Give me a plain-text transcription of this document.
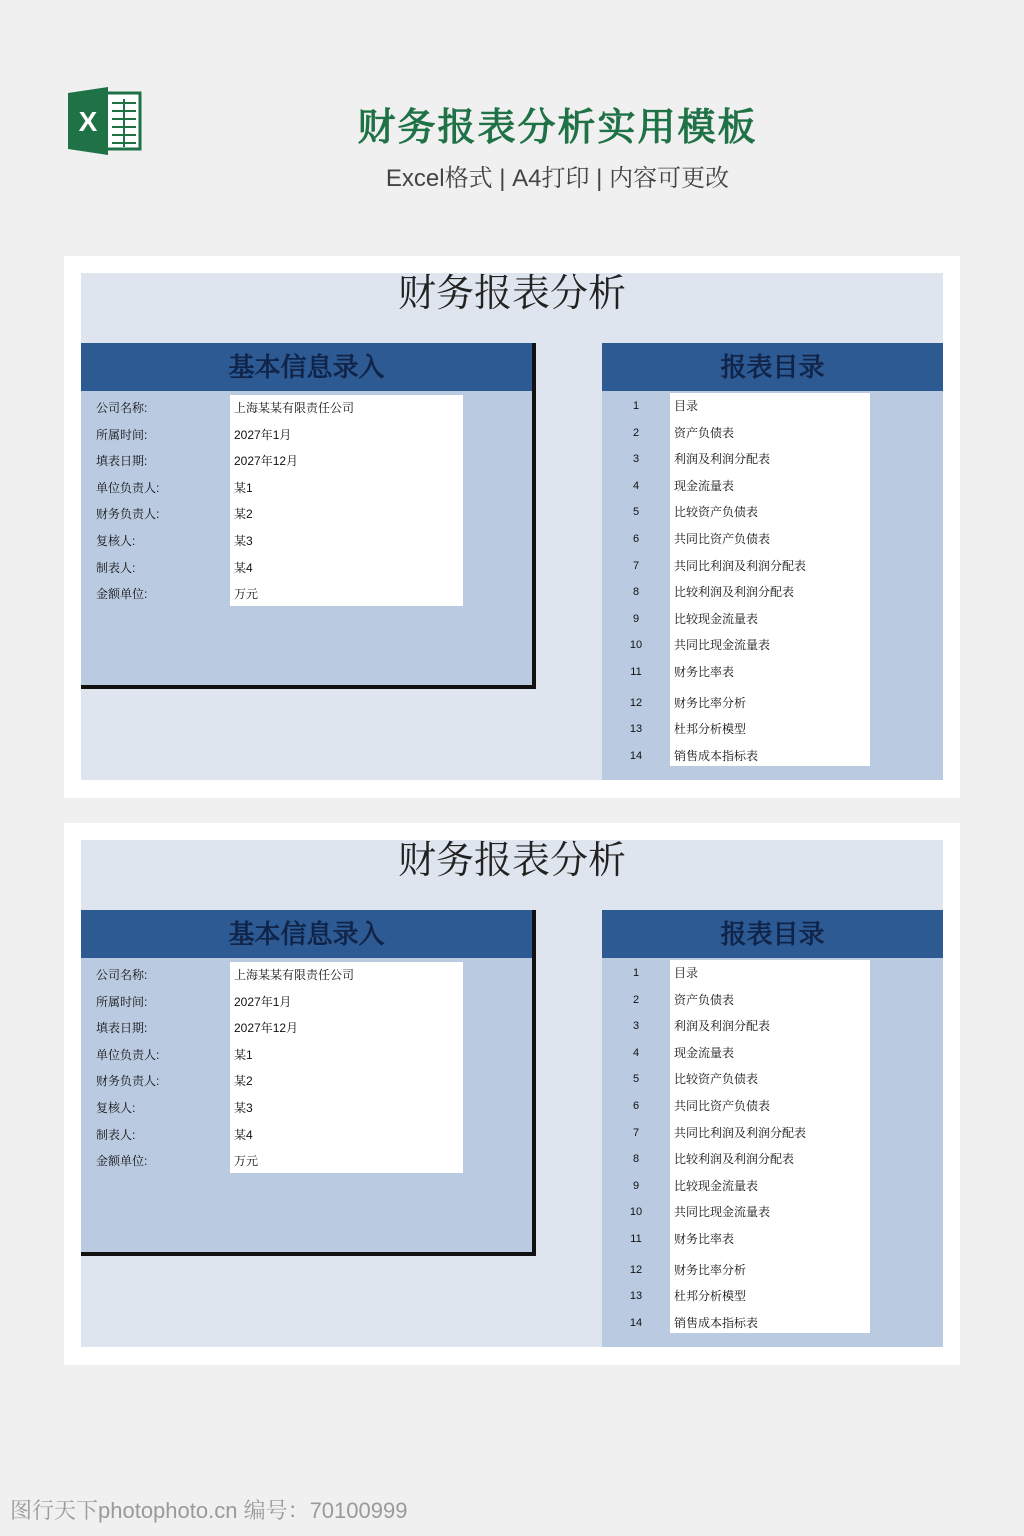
X	财务报表分析实用模板
Excel格式 | A4打印 | 内容可更改
财务报表分析
基本信息录入
公司名称:	上海某某有限责任公司
所属时间:	2027年1月
填表日期:	2027年12月
单位负责人:	某1
财务负责人:	某2
复核人:	某3
制表人:	某4
金额单位:	万元
报表目录
1	目录
2	资产负债表
3	利润及利润分配表
4	现金流量表
5	比较资产负债表
6	共同比资产负债表
7	共同比利润及利润分配表
8	比较利润及利润分配表
9	比较现金流量表
10	共同比现金流量表
11	财务比率表
12	财务比率分析
13	杜邦分析模型
14	销售成本指标表
财务报表分析
基本信息录入
公司名称:	上海某某有限责任公司
所属时间:	2027年1月
填表日期:	2027年12月
单位负责人:	某1
财务负责人:	某2
复核人:	某3
制表人:	某4
金额单位:	万元
报表目录
1	目录
2	资产负债表
3	利润及利润分配表
4	现金流量表
5	比较资产负债表
6	共同比资产负债表
7	共同比利润及利润分配表
8	比较利润及利润分配表
9	比较现金流量表
10	共同比现金流量表
11	财务比率表
12	财务比率分析
13	杜邦分析模型
14	销售成本指标表
图行天下photophoto.cn 编号：70100999
